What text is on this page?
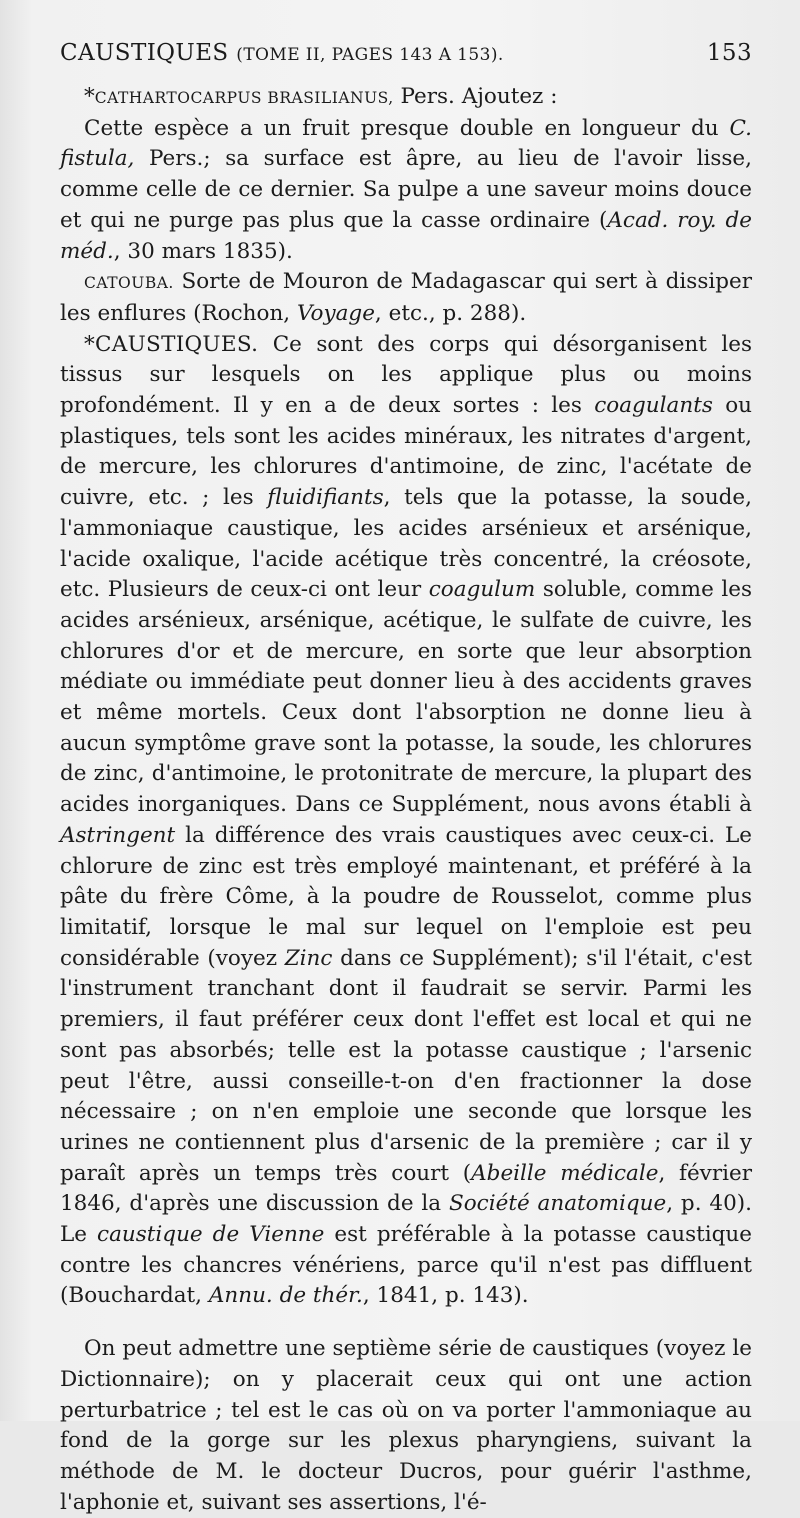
CAUSTIQUES (TOME II, PAGES 143 A 153).	153

*CATHARTOCARPUS BRASILIANUS, Pers. Ajoutez :

Cette espèce a un fruit presque double en longueur du C. fistula, Pers.; sa surface est âpre, au lieu de l'avoir lisse, comme celle de ce dernier. Sa pulpe a une saveur moins douce et qui ne purge pas plus que la casse ordinaire (Acad. roy. de méd., 30 mars 1835).

CATOUBA. Sorte de Mouron de Madagascar qui sert à dissiper les enflures (Rochon, Voyage, etc., p. 288).

*CAUSTIQUES. Ce sont des corps qui désorganisent les tissus sur lesquels on les applique plus ou moins profondément. Il y en a de deux sortes : les coagulants ou plastiques, tels sont les acides minéraux, les nitrates d'argent, de mercure, les chlorures d'antimoine, de zinc, l'acétate de cuivre, etc. ; les fluidifiants, tels que la potasse, la soude, l'ammoniaque caustique, les acides arsénieux et arsénique, l'acide oxalique, l'acide acétique très concentré, la créosote, etc. Plusieurs de ceux-ci ont leur coagulum soluble, comme les acides arsénieux, arsénique, acétique, le sulfate de cuivre, les chlorures d'or et de mercure, en sorte que leur absorption médiate ou immédiate peut donner lieu à des accidents graves et même mortels. Ceux dont l'absorption ne donne lieu à aucun symptôme grave sont la potasse, la soude, les chlorures de zinc, d'antimoine, le protonitrate de mercure, la plupart des acides inorganiques. Dans ce Supplément, nous avons établi à Astringent la différence des vrais caustiques avec ceux-ci. Le chlorure de zinc est très employé maintenant, et préféré à la pâte du frère Côme, à la poudre de Rousselot, comme plus limitatif, lorsque le mal sur lequel on l'emploie est peu considérable (voyez Zinc dans ce Supplément); s'il l'était, c'est l'instrument tranchant dont il faudrait se servir. Parmi les premiers, il faut préférer ceux dont l'effet est local et qui ne sont pas absorbés; telle est la potasse caustique ; l'arsenic peut l'être, aussi conseille-t-on d'en fractionner la dose nécessaire ; on n'en emploie une seconde que lorsque les urines ne contiennent plus d'arsenic de la première ; car il y paraît après un temps très court (Abeille médicale, février 1846, d'après une discussion de la Société anatomique, p. 40). Le caustique de Vienne est préférable à la potasse caustique contre les chancres vénériens, parce qu'il n'est pas diffluent (Bouchardat, Annu. de thér., 1841, p. 143).

On peut admettre une septième série de caustiques (voyez le Dictionnaire); on y placerait ceux qui ont une action perturbatrice ; tel est le cas où on va porter l'ammoniaque au fond de la gorge sur les plexus pharyngiens, suivant la méthode de M. le docteur Ducros, pour guérir l'asthme, l'aphonie et, suivant ses assertions, l'é-
